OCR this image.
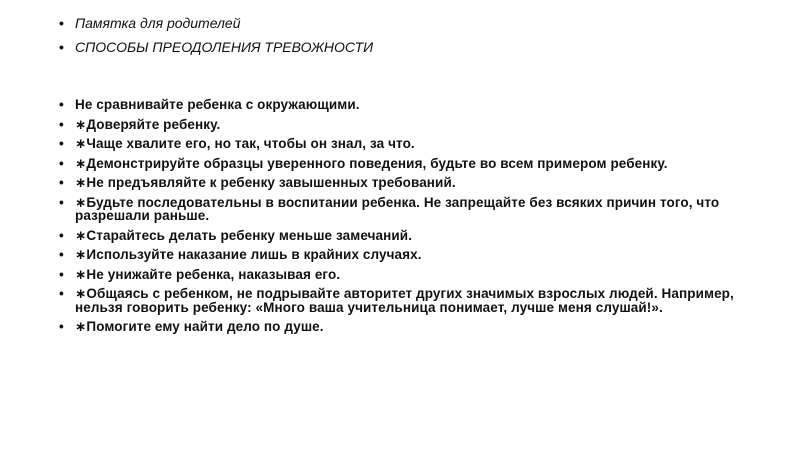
• Памятка для родителей
• СПОСОБЫ ПРЕОДОЛЕНИЯ ТРЕВОЖНОСТИ
• Не сравнивайте ребенка с окружающими.
• ∗Доверяйте ребенку.
• ∗Чаще хвалите его, но так, чтобы он знал, за что.
• ∗Демонстрируйте образцы уверенного поведения, будьте во всем примером ребенку.
• ∗Не предъявляйте к ребенку завышенных требований.
• ∗Будьте последовательны в воспитании ребенка. Не запрещайте без всяких причин того, что разрешали раньше.
• ∗Старайтесь делать ребенку меньше замечаний.
• ∗Используйте наказание лишь в крайних случаях.
• ∗Не унижайте ребенка, наказывая его.
• ∗Общаясь с ребенком, не подрывайте авторитет других значимых взрослых людей. Например, нельзя говорить ребенку: «Много ваша учительница понимает, лучше меня слушай!».
• ∗Помогите ему найти дело по душе.
